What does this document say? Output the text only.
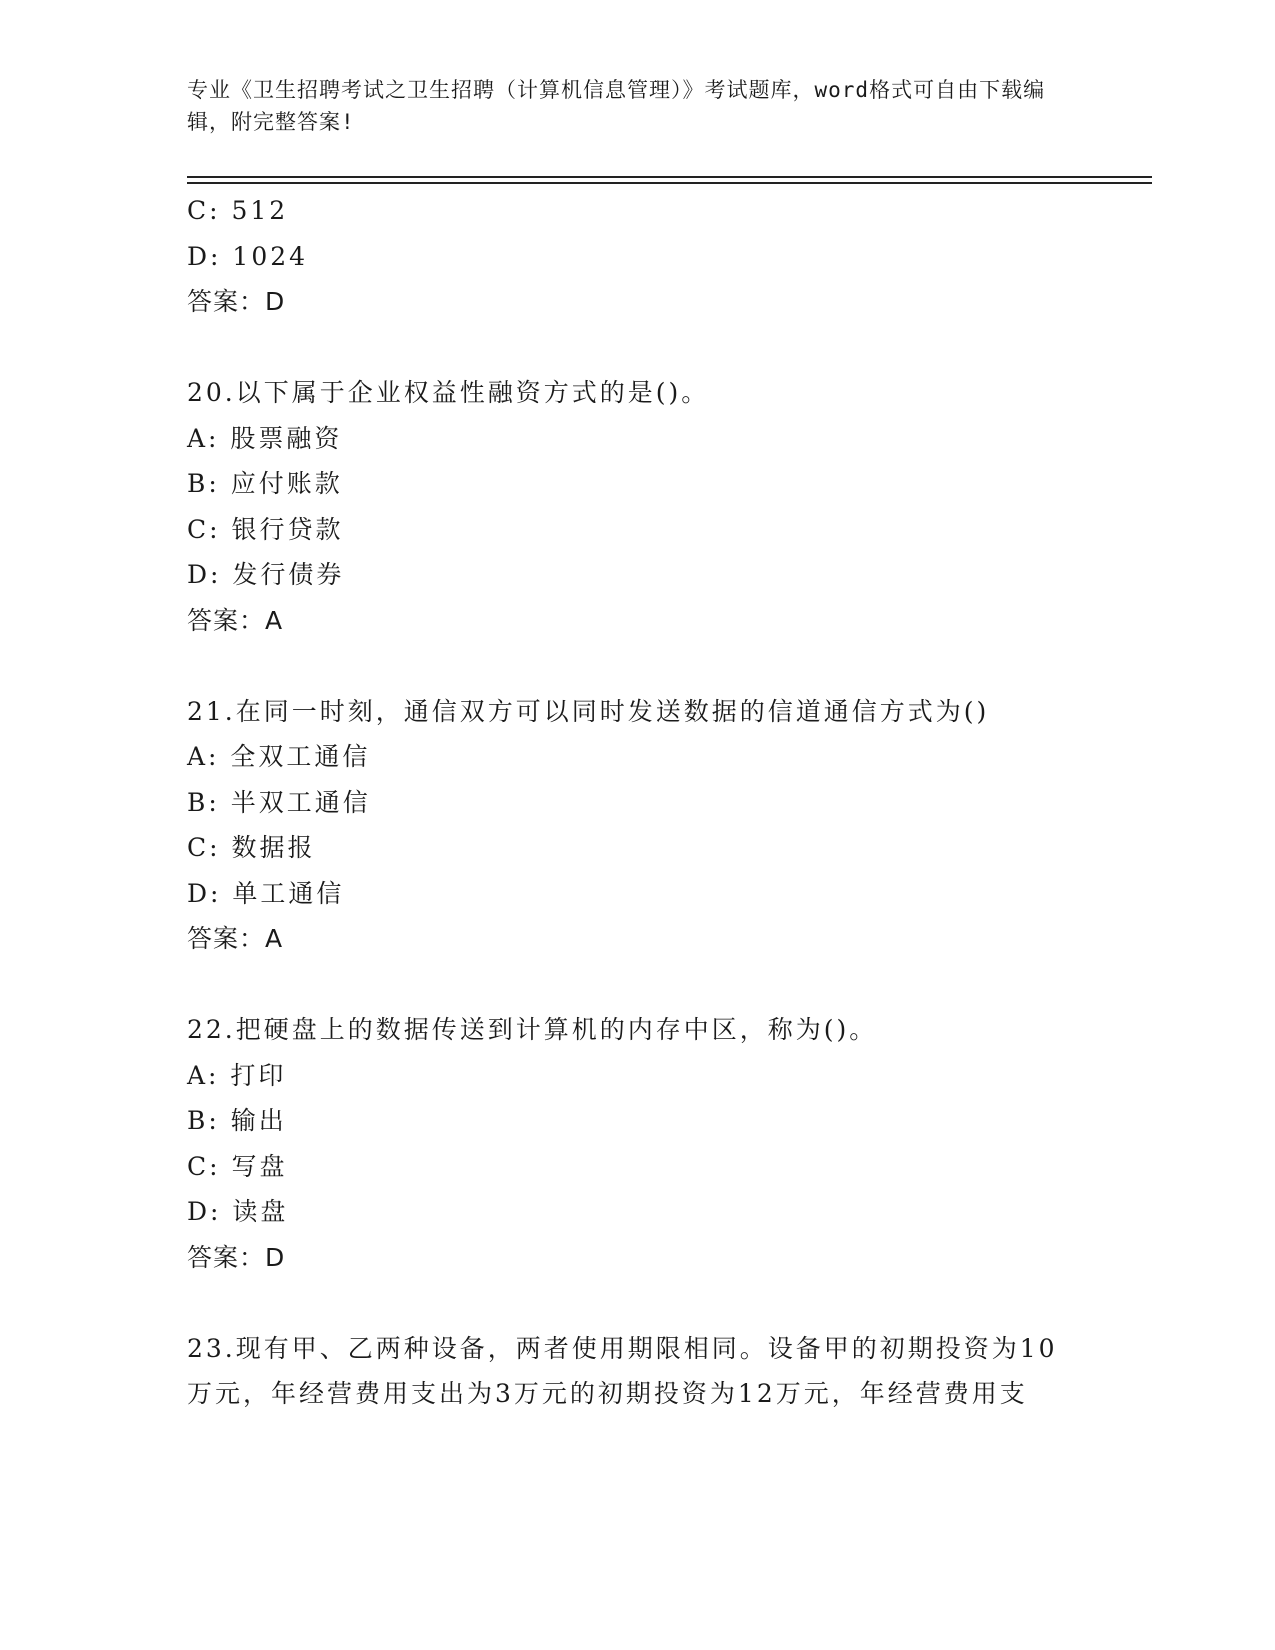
专业《卫生招聘考试之卫生招聘（计算机信息管理）》考试题库，word格式可自由下载编辑，附完整答案!
C: 512
D: 1024
答案：D
20.以下属于企业权益性融资方式的是()。
A: 股票融资
B: 应付账款
C: 银行贷款
D: 发行债券
答案：A
21.在同一时刻，通信双方可以同时发送数据的信道通信方式为()
A: 全双工通信
B: 半双工通信
C: 数据报
D: 单工通信
答案：A
22.把硬盘上的数据传送到计算机的内存中区，称为()。
A: 打印
B: 输出
C: 写盘
D: 读盘
答案：D
23.现有甲、乙两种设备，两者使用期限相同。设备甲的初期投资为10
万元，年经营费用支出为3万元的初期投资为12万元，年经营费用支
